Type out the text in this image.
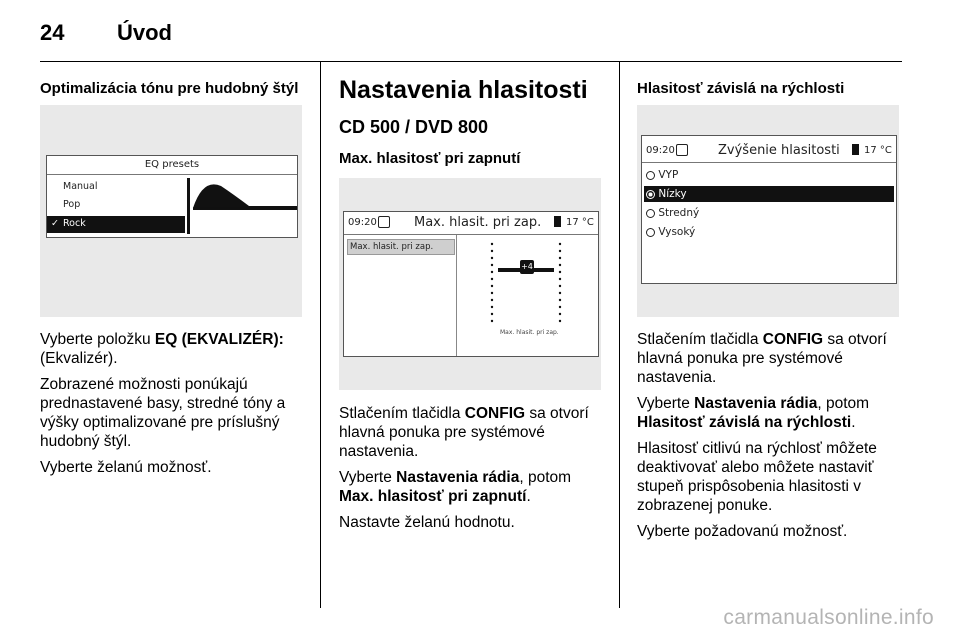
24 Úvod
Optimalizácia tónu pre hudobný štýl
EQ presets
Manual
Pop
✓ Rock

Vyberte položku EQ (EKVALIZÉR):
(Ekvalizér).

Zobrazené možnosti ponúkajú prednastavené basy, stredné tóny a výšky optimalizované pre príslušný hudobný štýl.

Vyberte želanú možnosť.

Nastavenia hlasitosti
CD 500 / DVD 800
Max. hlasitosť pri zapnutí
09:20	Max. hlasit. pri zap. 17 °C
Max. hlasit. pri zap.
+4
Max. hlasit. pri zap.

Stlačením tlačidla CONFIG sa otvorí hlavná ponuka pre systémové nastavenia.

Vyberte Nastavenia rádia, potom Max. hlasitosť pri zapnutí.

Nastavte želanú hodnotu.

Hlasitosť závislá na rýchlosti
09:20	Zvýšenie hlasitosti 17 °C
VYP
Nízky
Stredný
Vysoký

Stlačením tlačidla CONFIG sa otvorí hlavná ponuka pre systémové nastavenia.

Vyberte Nastavenia rádia, potom Hlasitosť závislá na rýchlosti.

Hlasitosť citlivú na rýchlosť môžete deaktivovať alebo môžete nastaviť stupeň prispôsobenia hlasitosti v zobrazenej ponuke.

Vyberte požadovanú možnosť.

carmanualsonline.info
